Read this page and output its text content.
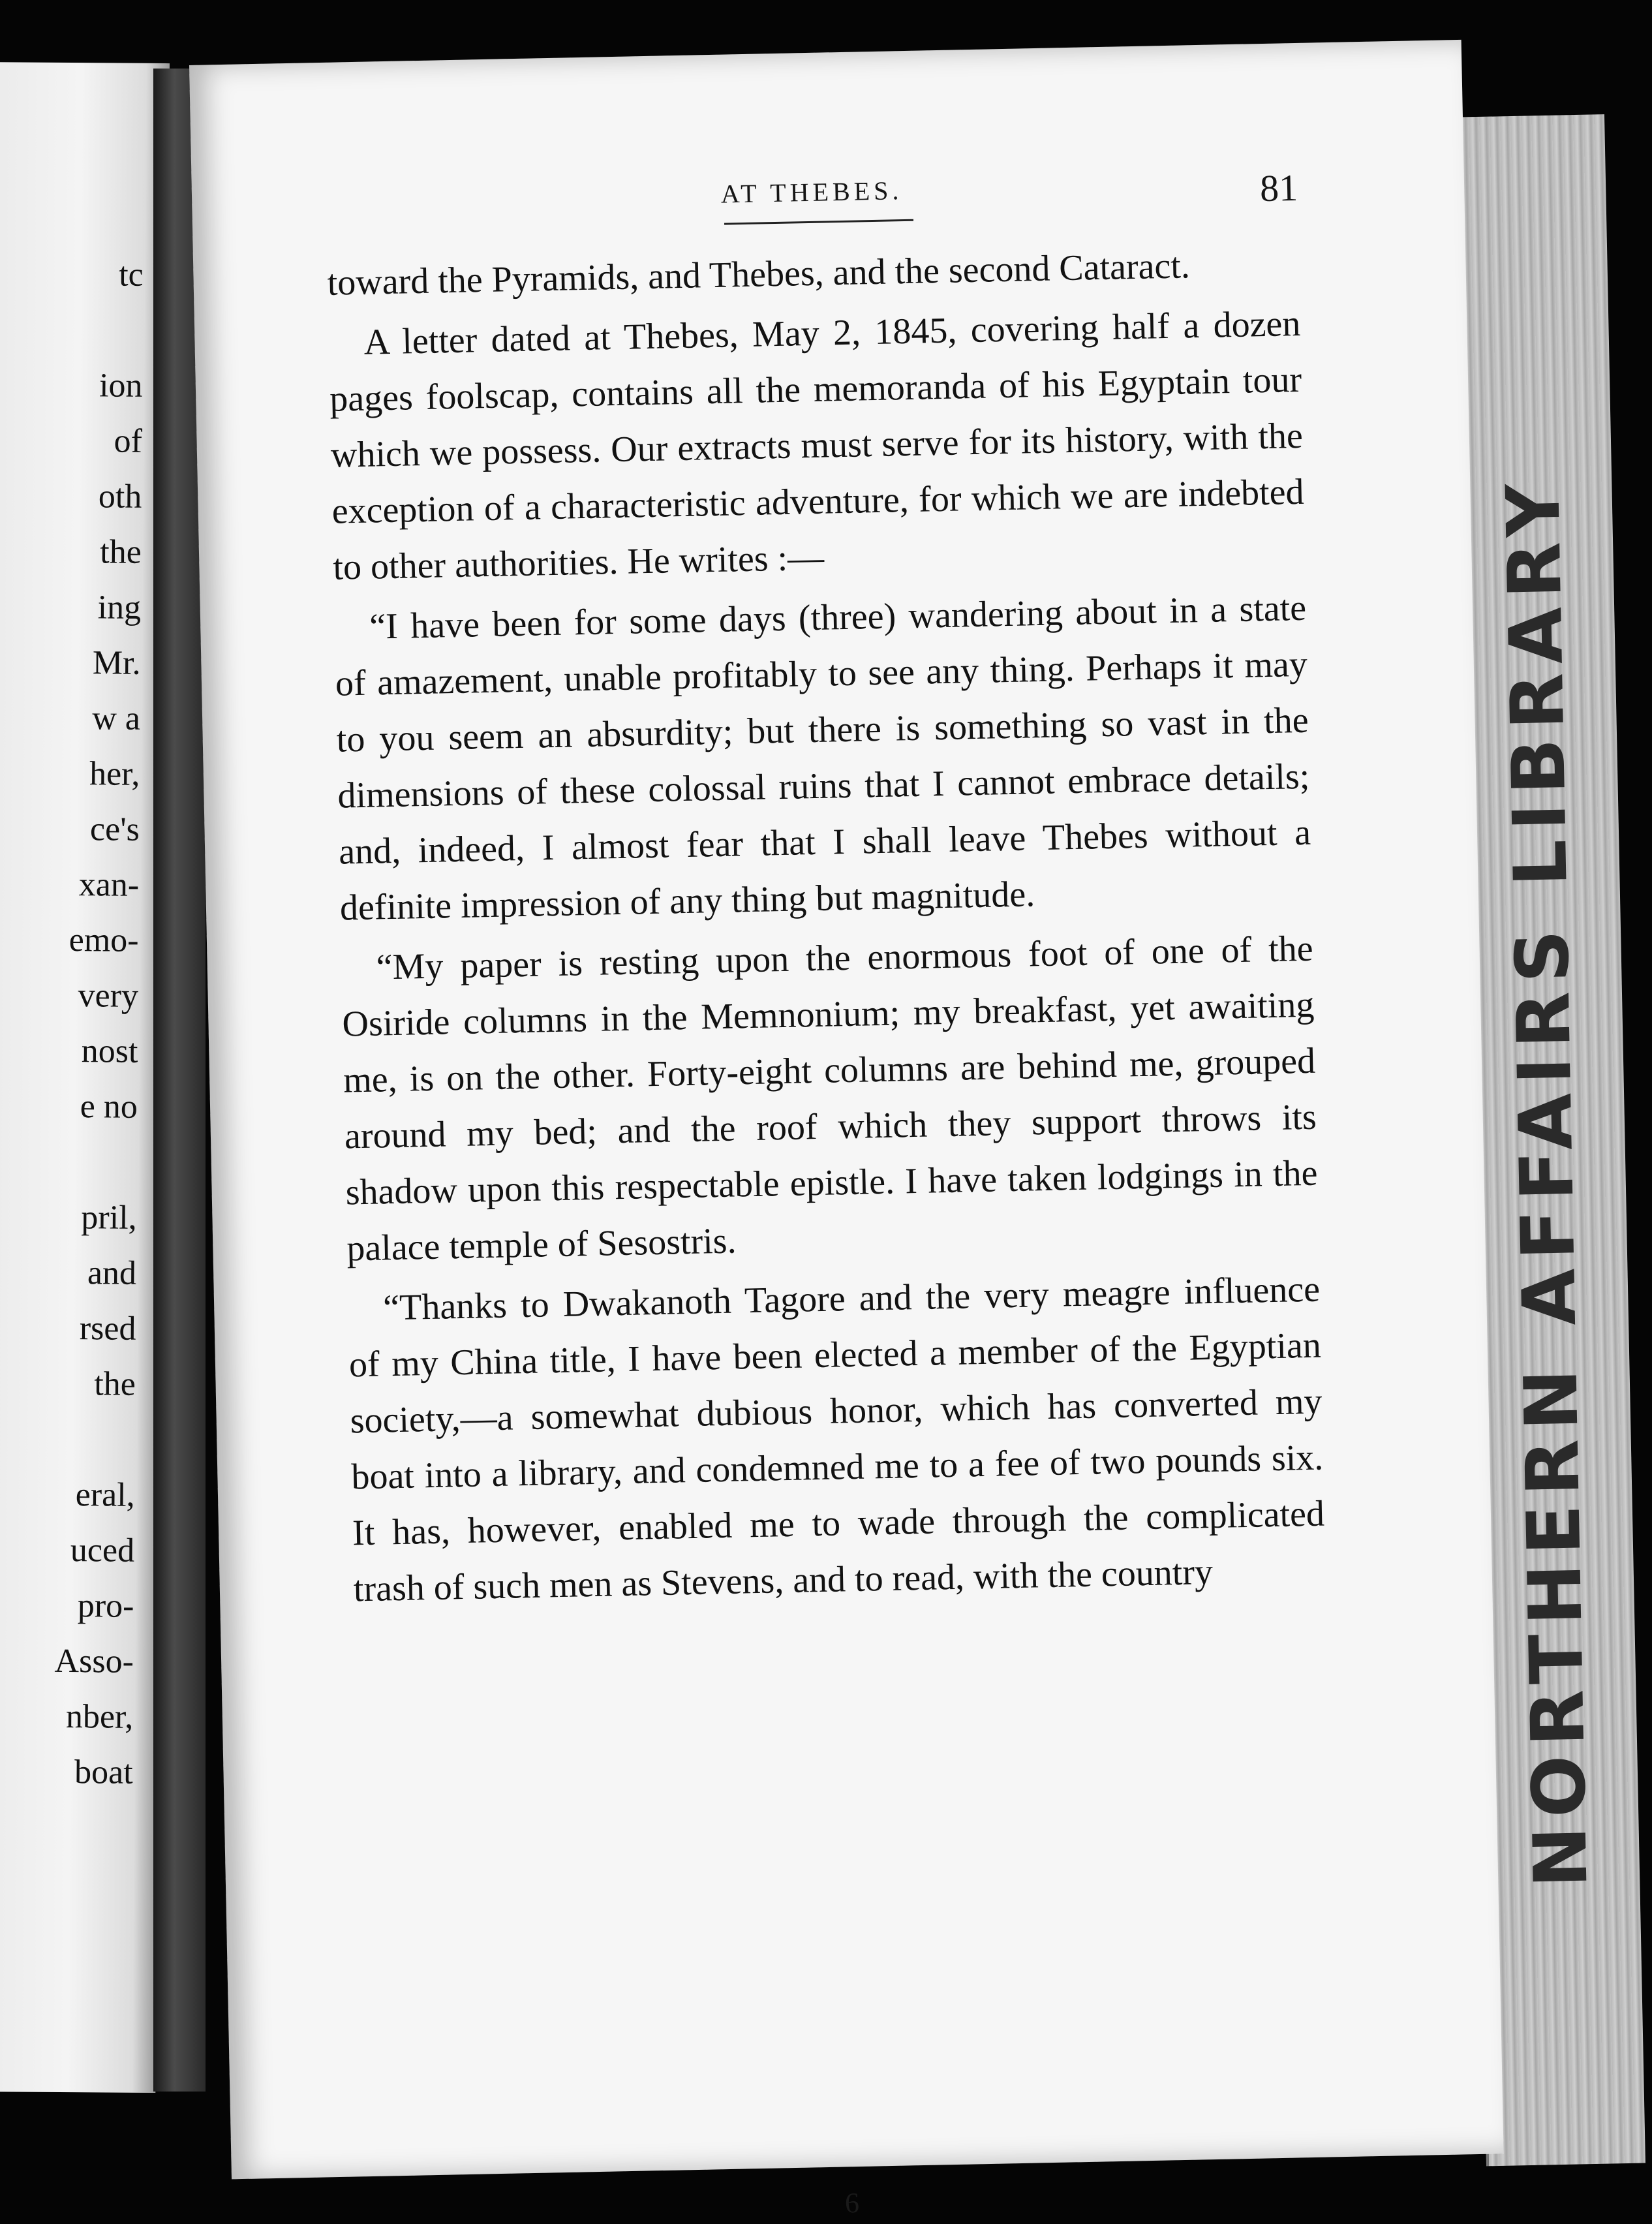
tc
ion
of
oth
the
ing
Mr.
w a
her,
ce's
xan-
emo-
very
nost
e no
pril,
and
rsed
the
eral,
uced
pro-
Asso-
nber,
boat	NORTHERN AFFAIRS LIBRARY
AT THEBES.	81

toward the Pyramids, and Thebes, and the second Cataract.

A letter dated at Thebes, May 2, 1845, covering half a dozen pages foolscap, contains all the memoranda of his Egyptain tour which we possess. Our extracts must serve for its history, with the exception of a characteristic adventure, for which we are indebted to other authorities. He writes :—

“I have been for some days (three) wandering about in a state of amazement, unable profitably to see any thing. Perhaps it may to you seem an absurdity; but there is something so vast in the dimensions of these colossal ruins that I cannot embrace details; and, indeed, I almost fear that I shall leave Thebes without a definite impression of any thing but magnitude.

“My paper is resting upon the enormous foot of one of the Osiride columns in the Memnonium; my breakfast, yet awaiting me, is on the other. Forty-eight columns are behind me, grouped around my bed; and the roof which they support throws its shadow upon this respectable epistle. I have taken lodgings in the palace temple of Sesostris.

“Thanks to Dwakanoth Tagore and the very meagre influence of my China title, I have been elected a member of the Egyptian society,—a somewhat dubious honor, which has converted my boat into a library, and condemned me to a fee of two pounds six. It has, however, enabled me to wade through the complicated trash of such men as Stevens, and to read, with the country

6
